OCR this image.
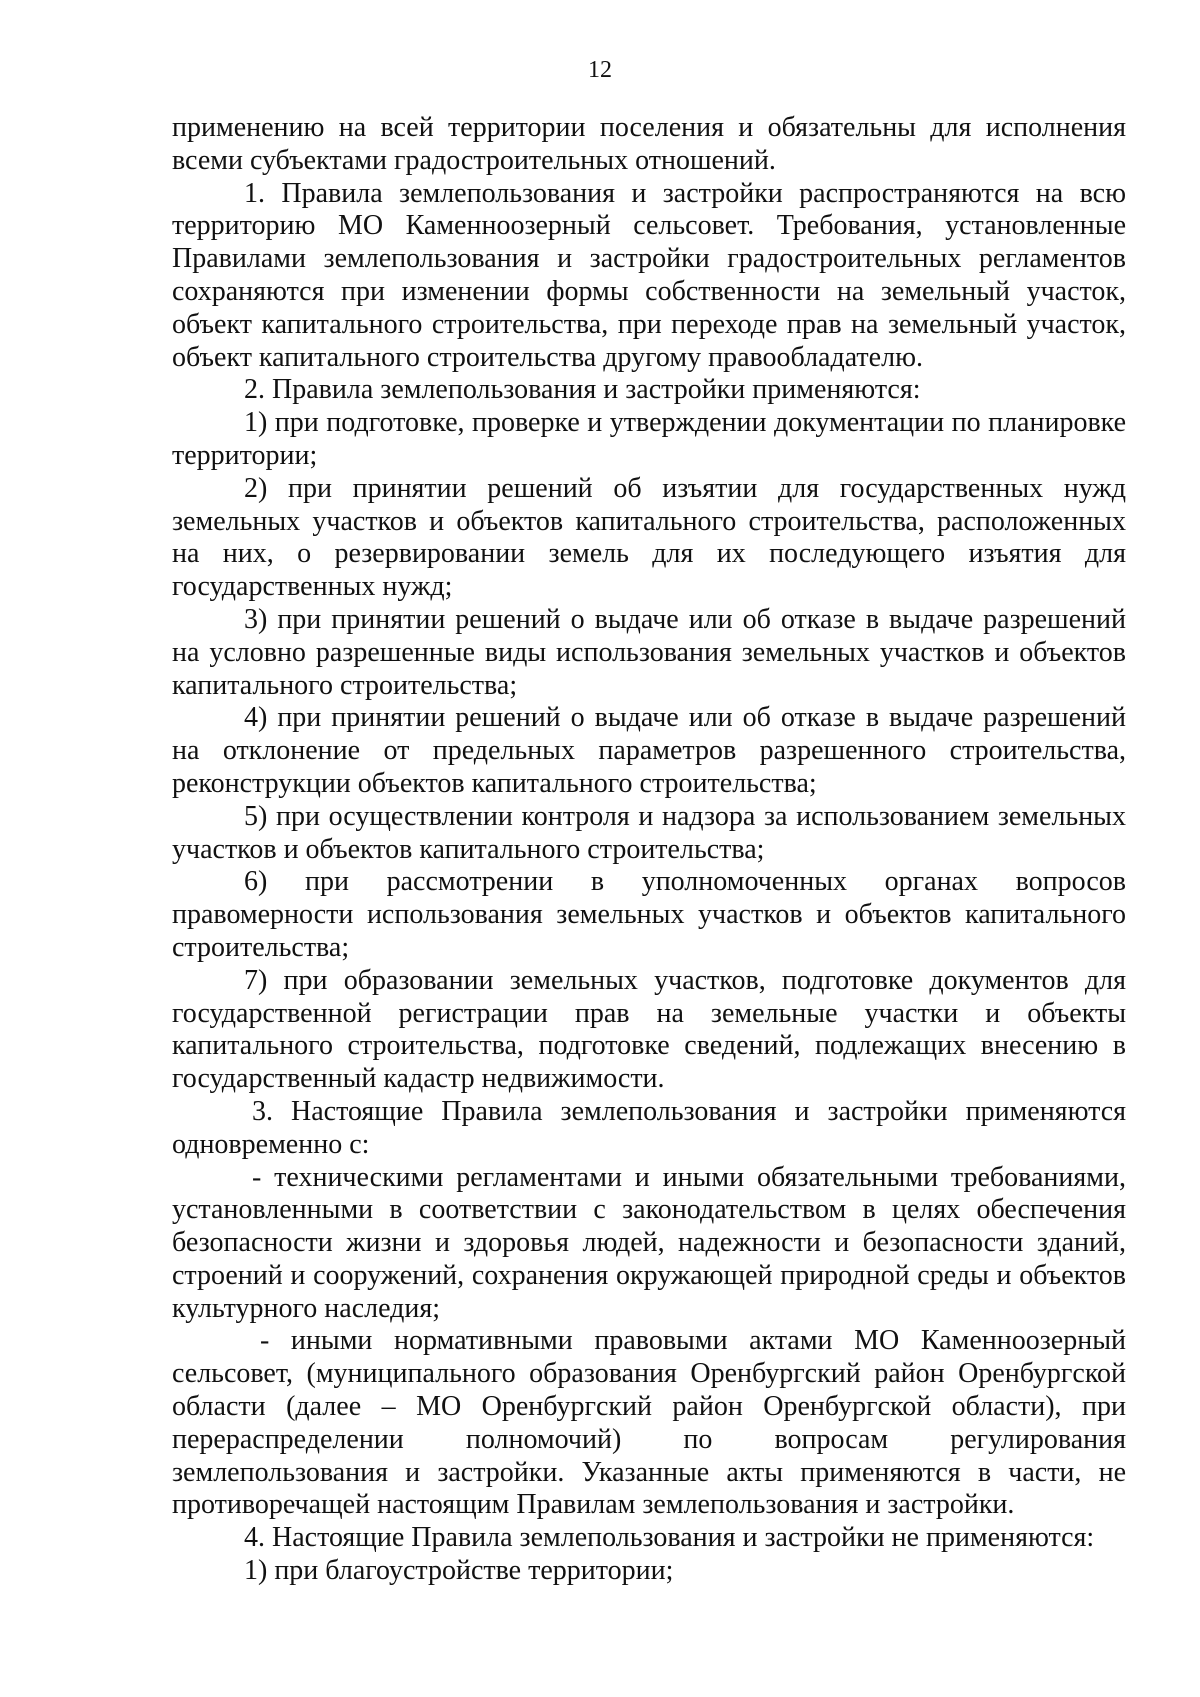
12

применению на всей территории поселения и обязательны для исполнения всеми субъектами градостроительных отношений.

1. Правила землепользования и застройки распространяются на всю территорию МО Каменноозерный сельсовет. Требования, установленные Правилами землепользования и застройки градостроительных регламентов сохраняются при изменении формы собственности на земельный участок, объект капитального строительства, при переходе прав на земельный участок, объект капитального строительства другому правообладателю.

2. Правила землепользования и застройки применяются:

1) при подготовке, проверке и утверждении документации по планировке территории;

2) при принятии решений об изъятии для государственных нужд земельных участков и объектов капитального строительства, расположенных на них, о резервировании земель для их последующего изъятия для государственных нужд;

3) при принятии решений о выдаче или об отказе в выдаче разрешений на условно разрешенные виды использования земельных участков и объектов капитального строительства;

4) при принятии решений о выдаче или об отказе в выдаче разрешений на отклонение от предельных параметров разрешенного строительства, реконструкции объектов капитального строительства;

5) при осуществлении контроля и надзора за использованием земельных участков и объектов капитального строительства;

6) при рассмотрении в уполномоченных органах вопросов правомерности использования земельных участков и объектов капитального строительства;

7) при образовании земельных участков, подготовке документов для государственной регистрации прав на земельные участки и объекты капитального строительства, подготовке сведений, подлежащих внесению в государственный кадастр недвижимости.

3. Настоящие Правила землепользования и застройки применяются одновременно с:

- техническими регламентами и иными обязательными требованиями, установленными в соответствии с законодательством в целях обеспечения безопасности жизни и здоровья людей, надежности и безопасности зданий, строений и сооружений, сохранения окружающей природной среды и объектов культурного наследия;

- иными нормативными правовыми актами МО Каменноозерный сельсовет, (муниципального образования Оренбургский район Оренбургской области (далее – МО Оренбургский район Оренбургской области), при перераспределении полномочий) по вопросам регулирования землепользования и застройки. Указанные акты применяются в части, не противоречащей настоящим Правилам землепользования и застройки.

4. Настоящие Правила землепользования и застройки не применяются:

1) при благоустройстве территории;
